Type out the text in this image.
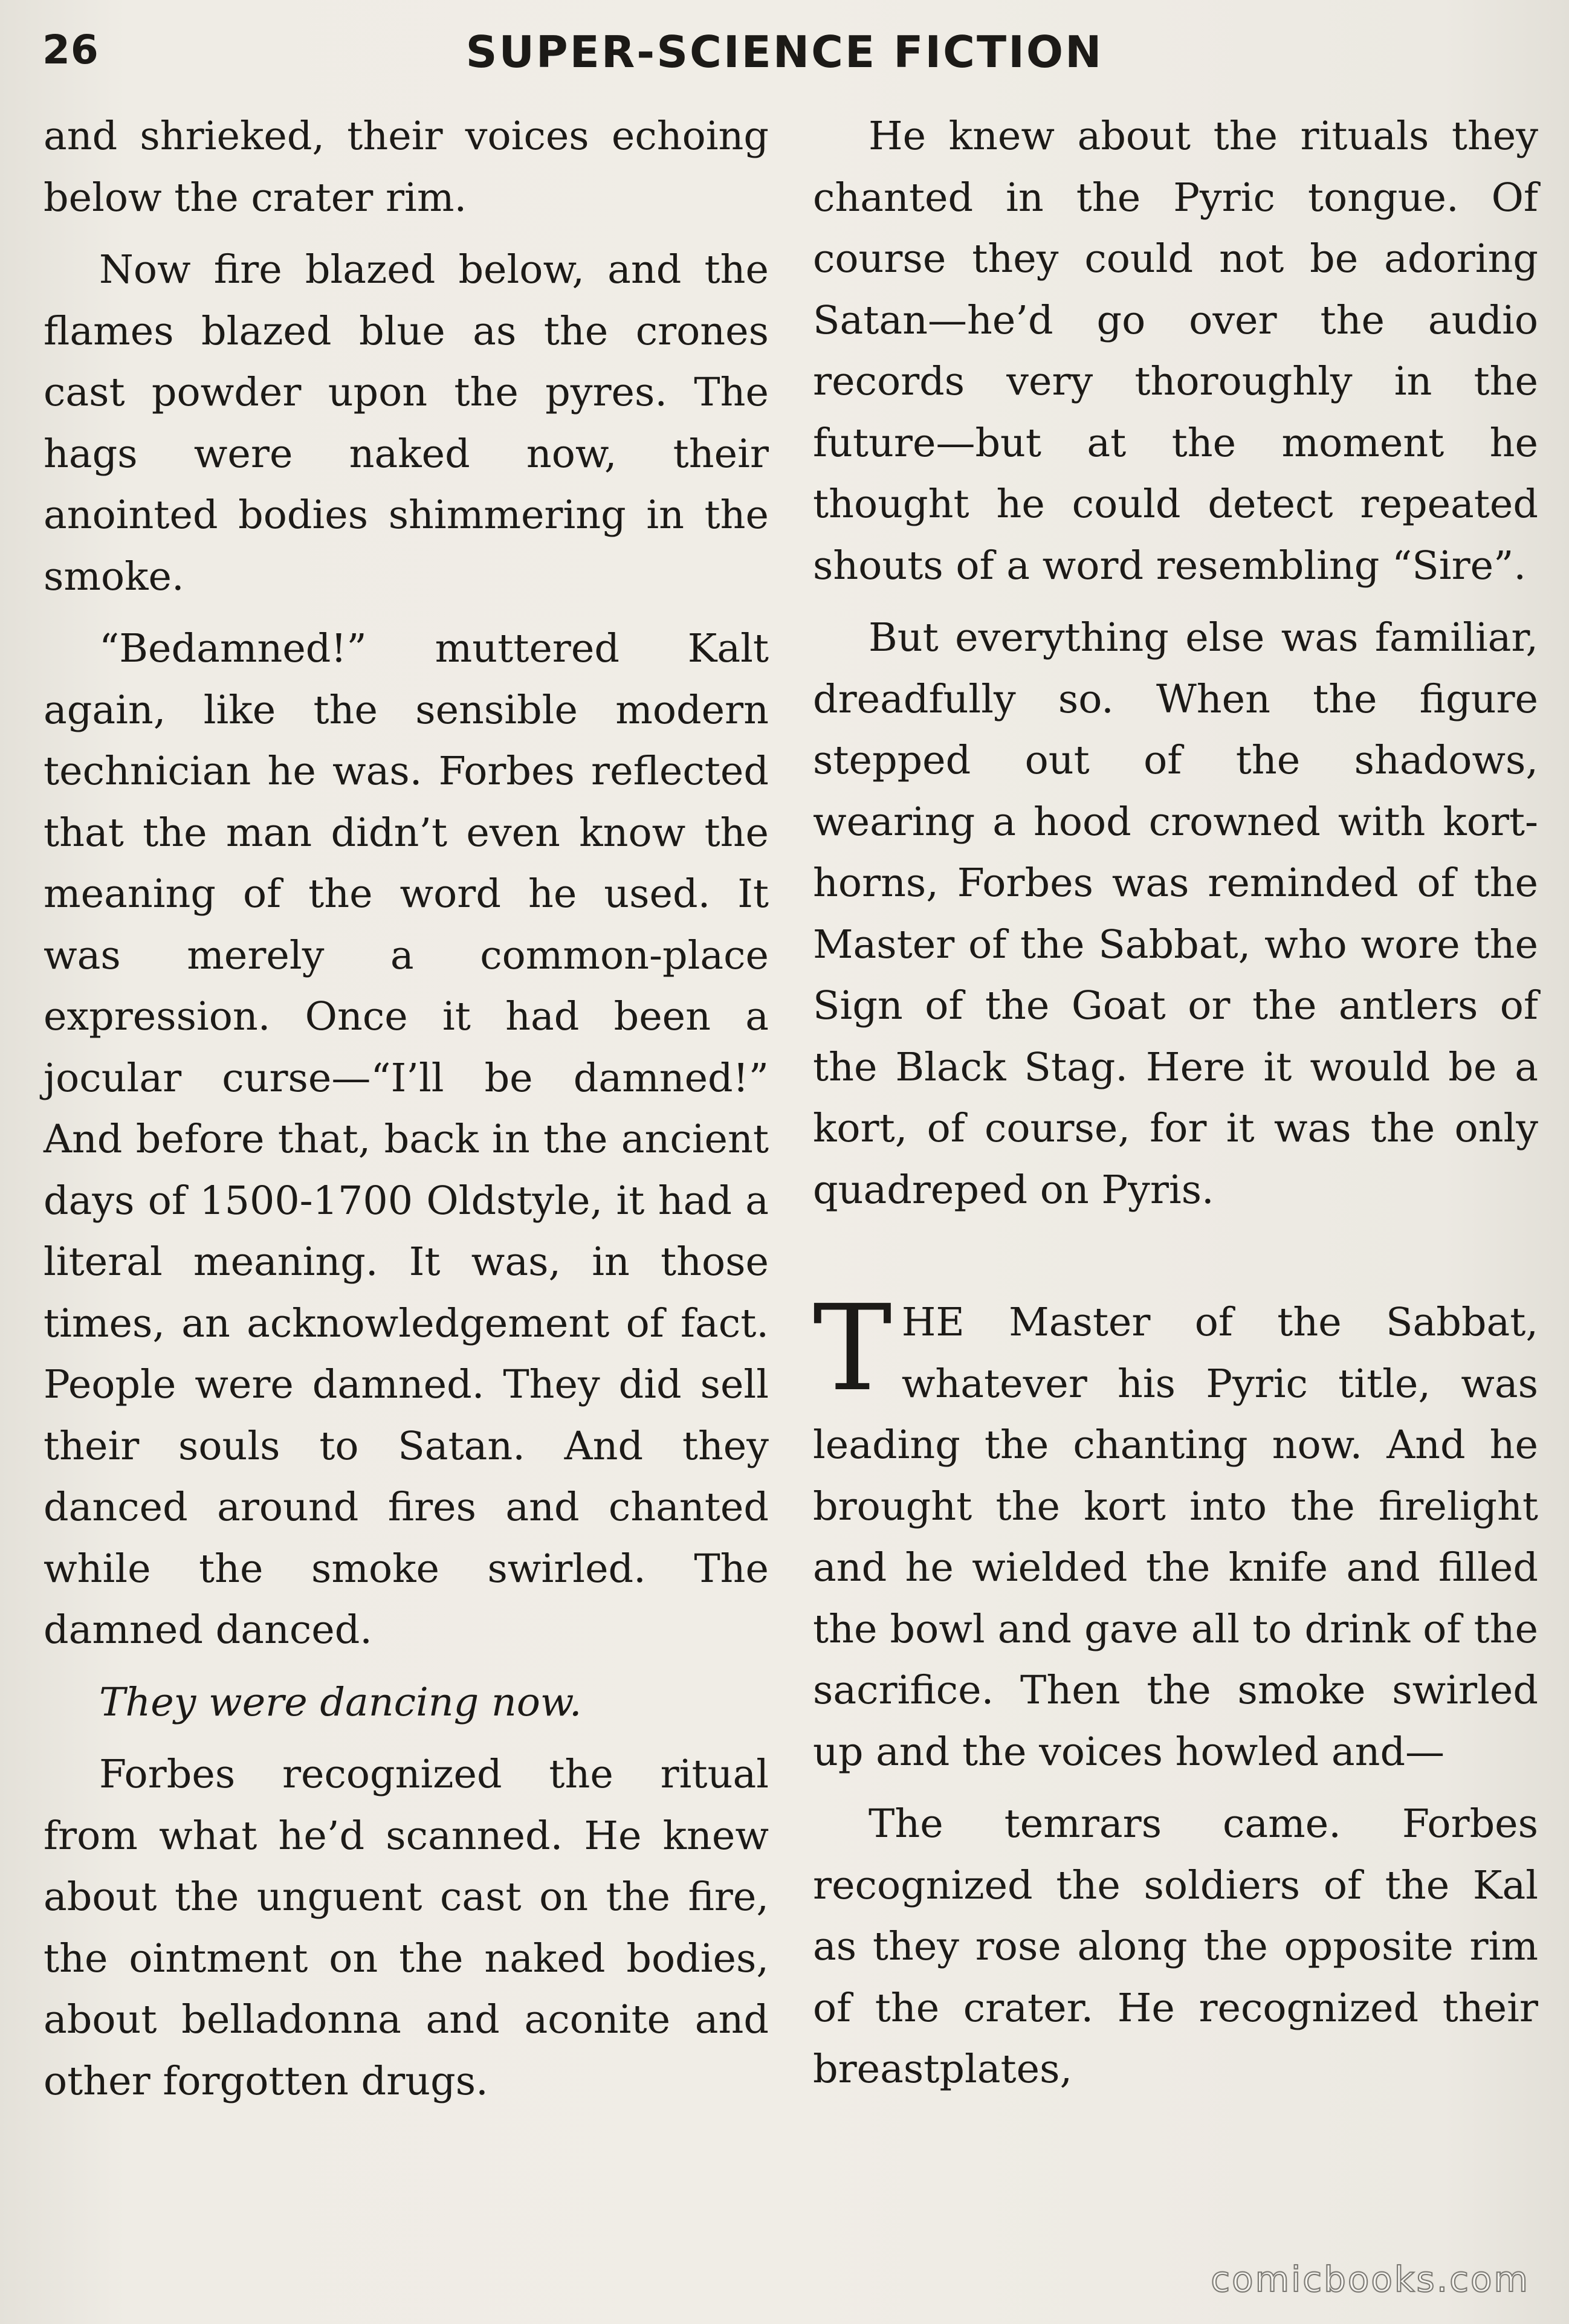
26	SUPER-SCIENCE FICTION

and shrieked, their voices echoing below the crater rim.

Now fire blazed below, and the flames blazed blue as the crones cast powder upon the pyres. The hags were naked now, their anointed bodies shimmering in the smoke.

“Bedamned!” muttered Kalt again, like the sensible modern technician he was. Forbes reflected that the man didn’t even know the meaning of the word he used. It was merely a common-place expression. Once it had been a jocular curse—“I’ll be damned!” And before that, back in the ancient days of 1500-1700 Oldstyle, it had a literal meaning. It was, in those times, an acknowledgement of fact. People were damned. They did sell their souls to Satan. And they danced around fires and chanted while the smoke swirled. The damned danced.

They were dancing now.

Forbes recognized the ritual from what he’d scanned. He knew about the unguent cast on the fire, the ointment on the naked bodies, about belladonna and aconite and other forgotten drugs.

He knew about the rituals they chanted in the Pyric tongue. Of course they could not be adoring Satan—he’d go over the audio records very thoroughly in the future—but at the moment he thought he could detect repeated shouts of a word resembling “Sire”.

But everything else was familiar, dreadfully so. When the figure stepped out of the shadows, wearing a hood crowned with kort-horns, Forbes was reminded of the Master of the Sabbat, who wore the Sign of the Goat or the antlers of the Black Stag. Here it would be a kort, of course, for it was the only quadreped on Pyris.

THE Master of the Sabbat, whatever his Pyric title, was leading the chanting now. And he brought the kort into the firelight and he wielded the knife and filled the bowl and gave all to drink of the sacrifice. Then the smoke swirled up and the voices howled and—

The temrars came. Forbes recognized the soldiers of the Kal as they rose along the opposite rim of the crater. He recognized their breastplates,

comicbooks.com
